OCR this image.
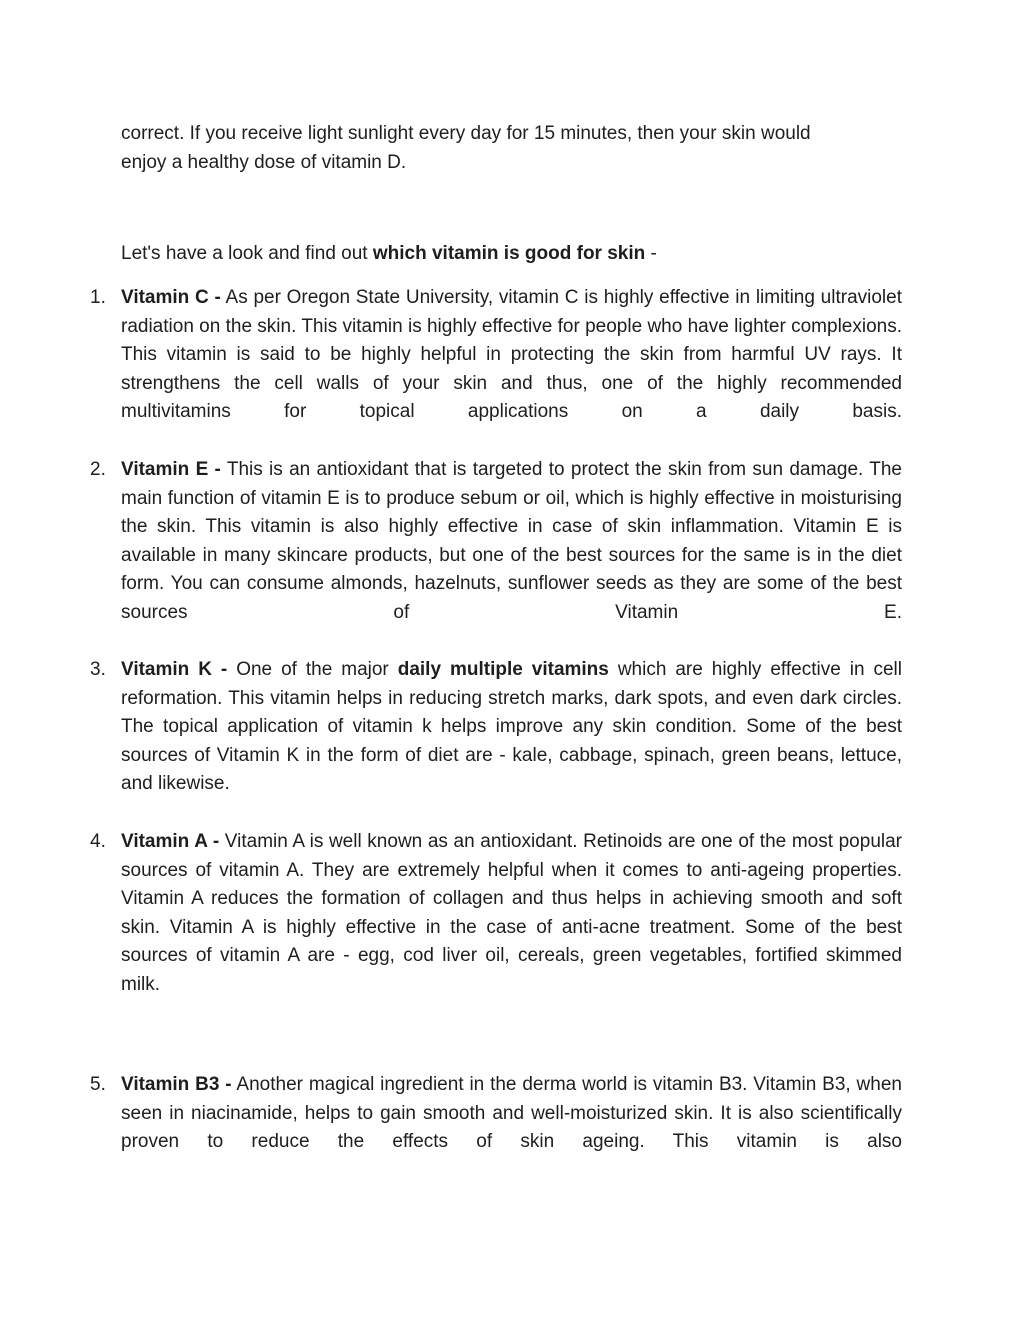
correct. If you receive light sunlight every day for 15 minutes, then your skin would
enjoy a healthy dose of vitamin D.

Let's have a look and find out which vitamin is good for skin -

1. Vitamin C - As per Oregon State University, vitamin C is highly effective in limiting ultraviolet radiation on the skin. This vitamin is highly effective for people who have lighter complexions. This vitamin is said to be highly helpful in protecting the skin from harmful UV rays. It strengthens the cell walls of your skin and thus, one of the highly recommended multivitamins for topical applications on a daily basis.

2. Vitamin E - This is an antioxidant that is targeted to protect the skin from sun damage. The main function of vitamin E is to produce sebum or oil, which is highly effective in moisturising the skin. This vitamin is also highly effective in case of skin inflammation. Vitamin E is available in many skincare products, but one of the best sources for the same is in the diet form. You can consume almonds, hazelnuts, sunflower seeds as they are some of the best sources of Vitamin E.

3. Vitamin K - One of the major daily multiple vitamins which are highly effective in cell reformation. This vitamin helps in reducing stretch marks, dark spots, and even dark circles. The topical application of vitamin k helps improve any skin condition. Some of the best sources of Vitamin K in the form of diet are - kale, cabbage, spinach, green beans, lettuce, and likewise.

4. Vitamin A - Vitamin A is well known as an antioxidant. Retinoids are one of the most popular sources of vitamin A. They are extremely helpful when it comes to anti-ageing properties. Vitamin A reduces the formation of collagen and thus helps in achieving smooth and soft skin. Vitamin A is highly effective in the case of anti-acne treatment. Some of the best sources of vitamin A are - egg, cod liver oil, cereals, green vegetables, fortified skimmed milk.

5. Vitamin B3 - Another magical ingredient in the derma world is vitamin B3. Vitamin B3, when seen in niacinamide, helps to gain smooth and well-moisturized skin. It is also scientifically proven to reduce the effects of skin ageing. This vitamin is also
